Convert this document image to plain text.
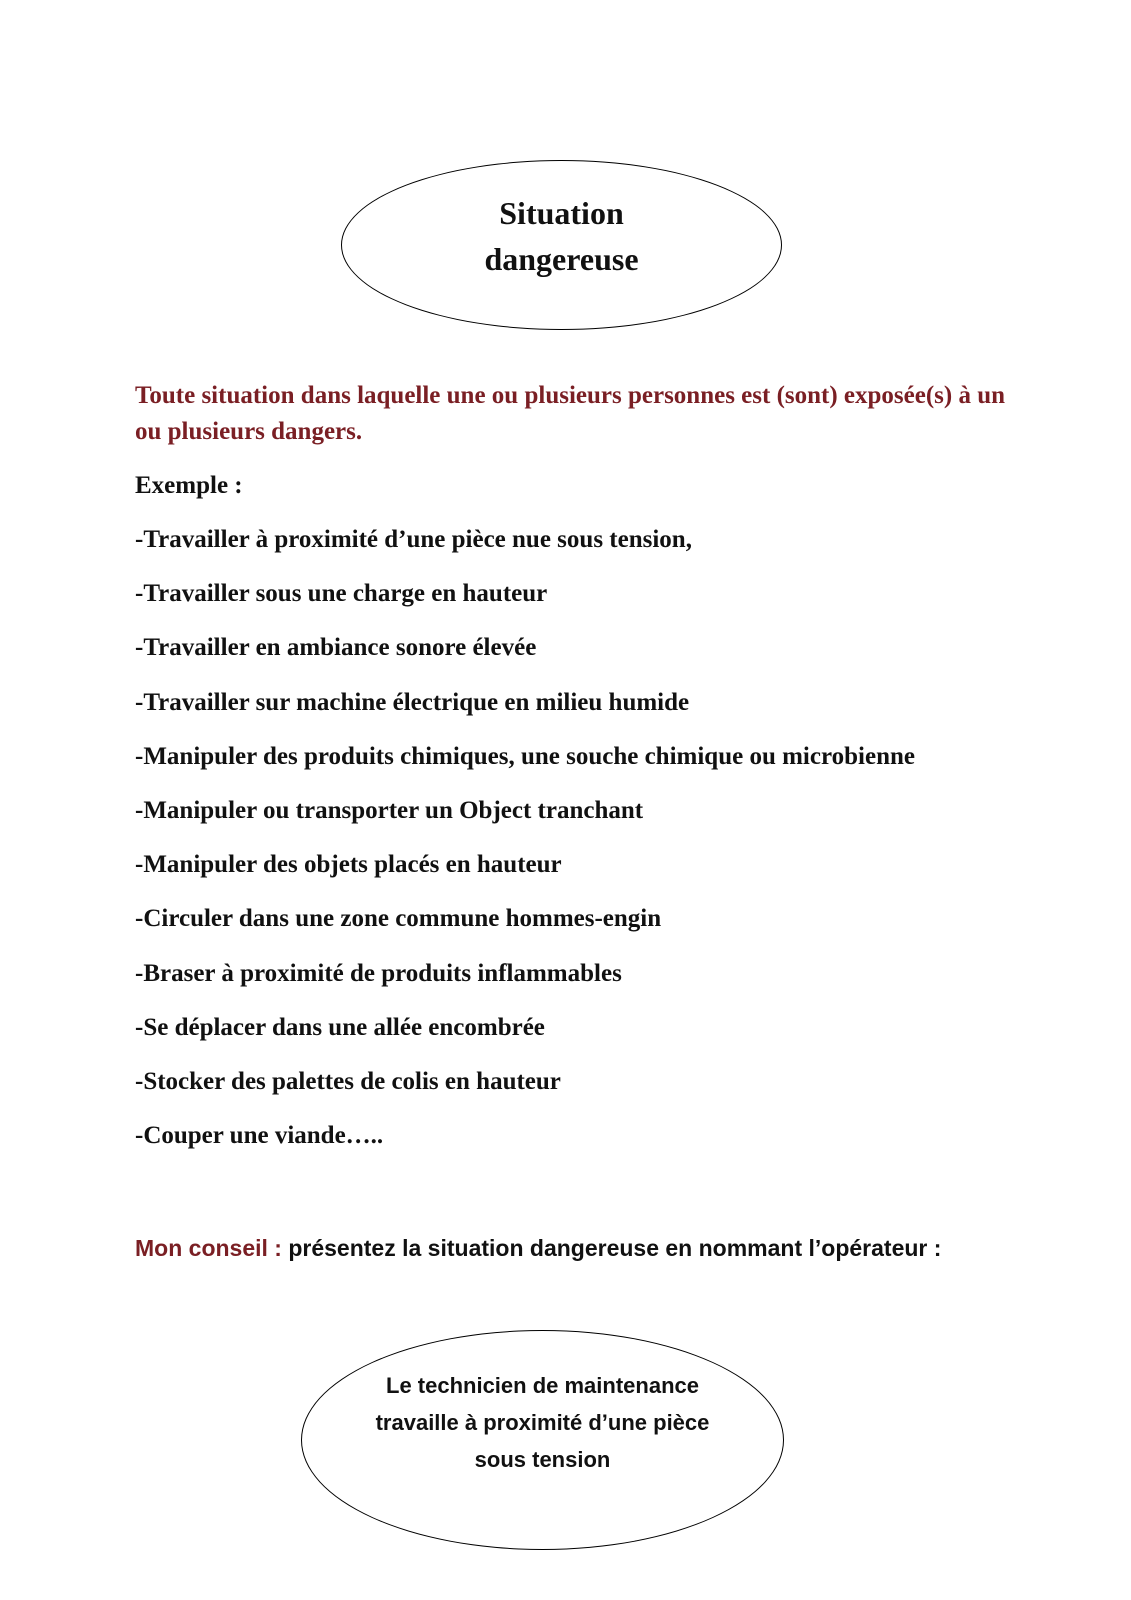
Situation
dangereuse
Toute situation dans laquelle une ou plusieurs personnes est (sont) exposée(s) à un ou plusieurs dangers.
Exemple :
-Travailler à proximité d’une pièce nue sous tension,
-Travailler sous une charge en hauteur
-Travailler en ambiance sonore élevée
-Travailler sur machine électrique en milieu humide
-Manipuler des produits chimiques, une souche chimique ou microbienne
-Manipuler ou transporter un Object tranchant
-Manipuler des objets placés en hauteur
-Circuler dans une zone commune hommes-engin
-Braser à proximité de produits inflammables
-Se déplacer dans une allée encombrée
-Stocker des palettes de colis en hauteur
-Couper une viande…..
Mon conseil : présentez la situation dangereuse en nommant l’opérateur :
Le technicien de maintenance travaille à proximité d’une pièce sous tension
